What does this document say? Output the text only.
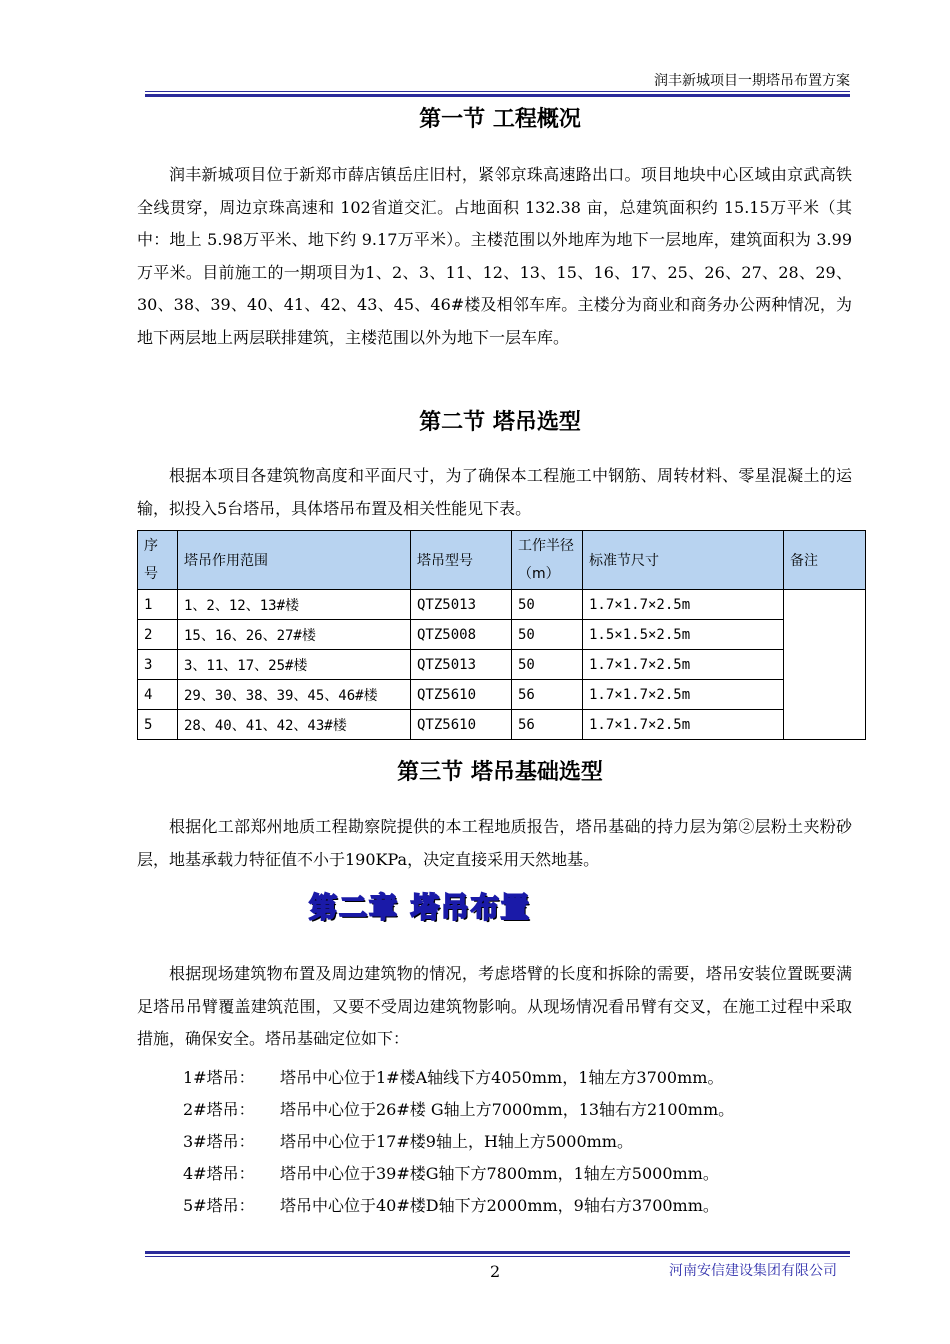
润丰新城项目一期塔吊布置方案
第一节 工程概况

润丰新城项目位于新郑市薛店镇岳庄旧村，紧邻京珠高速路出口。项目地块中心区域由京武高铁全线贯穿，周边京珠高速和 102省道交汇。占地面积 132.38 亩，总建筑面积约 15.15万平米（其中：地上 5.98万平米、地下约 9.17万平米）。主楼范围以外地库为地下一层地库，建筑面积为 3.99万平米。目前施工的一期项目为1、2、3、11、12、13、15、16、17、25、26、27、28、29、30、38、39、40、41、42、43、45、46#楼及相邻车库。主楼分为商业和商务办公两种情况，为地下两层地上两层联排建筑，主楼范围以外为地下一层车库。

第二节 塔吊选型

根据本项目各建筑物高度和平面尺寸，为了确保本工程施工中钢筋、周转材料、零星混凝土的运输，拟投入5台塔吊，具体塔吊布置及相关性能见下表。

序号	塔吊作用范围	塔吊型号	工作半径（m）	标准节尺寸	备注
1	1、2、12、13#楼	QTZ5013	50	1.7×1.7×2.5m	
2	15、16、26、27#楼	QTZ5008	50	1.5×1.5×2.5m	
3	3、11、17、25#楼	QTZ5013	50	1.7×1.7×2.5m	
4	29、30、38、39、45、46#楼	QTZ5610	56	1.7×1.7×2.5m	
5	28、40、41、42、43#楼	QTZ5610	56	1.7×1.7×2.5m	
第三节 塔吊基础选型

根据化工部郑州地质工程勘察院提供的本工程地质报告，塔吊基础的持力层为第②层粉土夹粉砂层，地基承载力特征值不小于190KPa，决定直接采用天然地基。

第二章 塔吊布置

根据现场建筑物布置及周边建筑物的情况，考虑塔臂的长度和拆除的需要，塔吊安装位置既要满足塔吊吊臂覆盖建筑范围，又要不受周边建筑物影响。从现场情况看吊臂有交叉，在施工过程中采取措施，确保安全。塔吊基础定位如下：

1#塔吊： 塔吊中心位于1#楼A轴线下方4050mm，1轴左方3700mm。
2#塔吊： 塔吊中心位于26#楼 G轴上方7000mm，13轴右方2100mm。
3#塔吊： 塔吊中心位于17#楼9轴上，H轴上方5000mm。
4#塔吊： 塔吊中心位于39#楼G轴下方7800mm，1轴左方5000mm。
5#塔吊： 塔吊中心位于40#楼D轴下方2000mm，9轴右方3700mm。
2	河南安信建设集团有限公司
